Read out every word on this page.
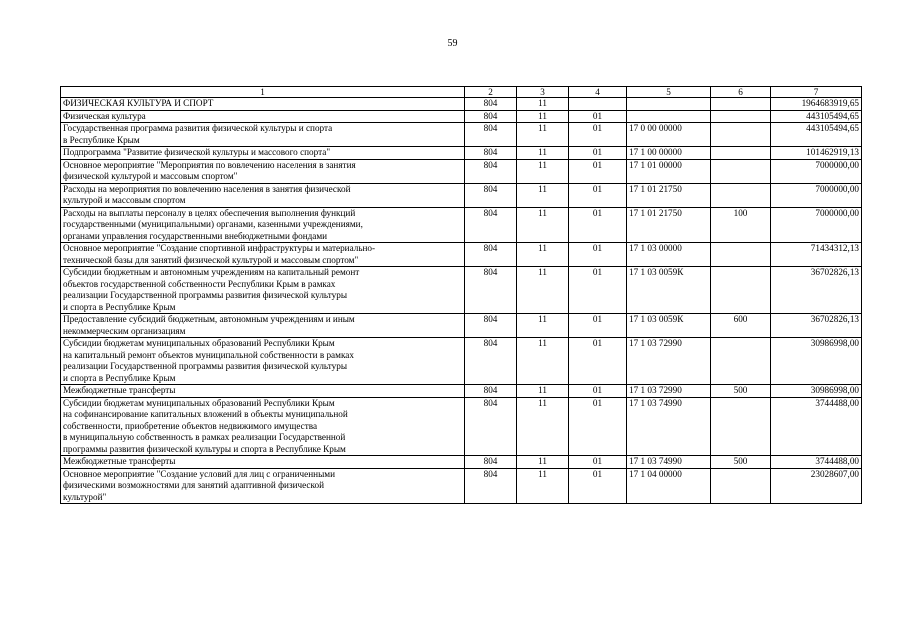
59
1	2	3	4	5	6	7
ФИЗИЧЕСКАЯ КУЛЬТУРА И СПОРТ	804	11				1964683919,65
Физическая культура	804	11	01			443105494,65
Государственная программа развития физической культуры и спорта
в Республике Крым	804	11	01	17 0 00 00000		443105494,65
Подпрограмма "Развитие физической культуры и массового спорта"	804	11	01	17 1 00 00000		101462919,13
Основное мероприятие "Мероприятия по вовлечению населения в занятия
физической культурой и массовым спортом"	804	11	01	17 1 01 00000		7000000,00
Расходы на мероприятия по вовлечению населения в занятия физической
культурой и массовым спортом	804	11	01	17 1 01 21750		7000000,00
Расходы на выплаты персоналу в целях обеспечения выполнения функций
государственными (муниципальными) органами, казенными учреждениями,
органами управления государственными внебюджетными фондами	804	11	01	17 1 01 21750	100	7000000,00
Основное мероприятие "Создание спортивной инфраструктуры и материально-
технической базы для занятий физической культурой и массовым спортом"	804	11	01	17 1 03 00000		71434312,13
Субсидии бюджетным и автономным учреждениям на капитальный ремонт
объектов государственной собственности Республики Крым в рамках
реализации Государственной программы развития физической культуры
и спорта в Республике Крым	804	11	01	17 1 03 0059К		36702826,13
Предоставление субсидий бюджетным, автономным учреждениям и иным
некоммерческим организациям	804	11	01	17 1 03 0059К	600	36702826,13
Субсидии бюджетам муниципальных образований Республики Крым
на капитальный ремонт объектов муниципальной собственности в рамках
реализации Государственной программы развития физической культуры
и спорта в Республике Крым	804	11	01	17 1 03 72990		30986998,00
Межбюджетные трансферты	804	11	01	17 1 03 72990	500	30986998,00
Субсидии бюджетам муниципальных образований Республики Крым
на софинансирование капитальных вложений в объекты муниципальной
собственности, приобретение объектов недвижимого имущества
в муниципальную собственность в рамках реализации Государственной
программы развития физической культуры и спорта в Республике Крым	804	11	01	17 1 03 74990		3744488,00
Межбюджетные трансферты	804	11	01	17 1 03 74990	500	3744488,00
Основное мероприятие "Создание условий для лиц с ограниченными
физическими возможностями для занятий адаптивной физической
культурой"	804	11	01	17 1 04 00000		23028607,00
